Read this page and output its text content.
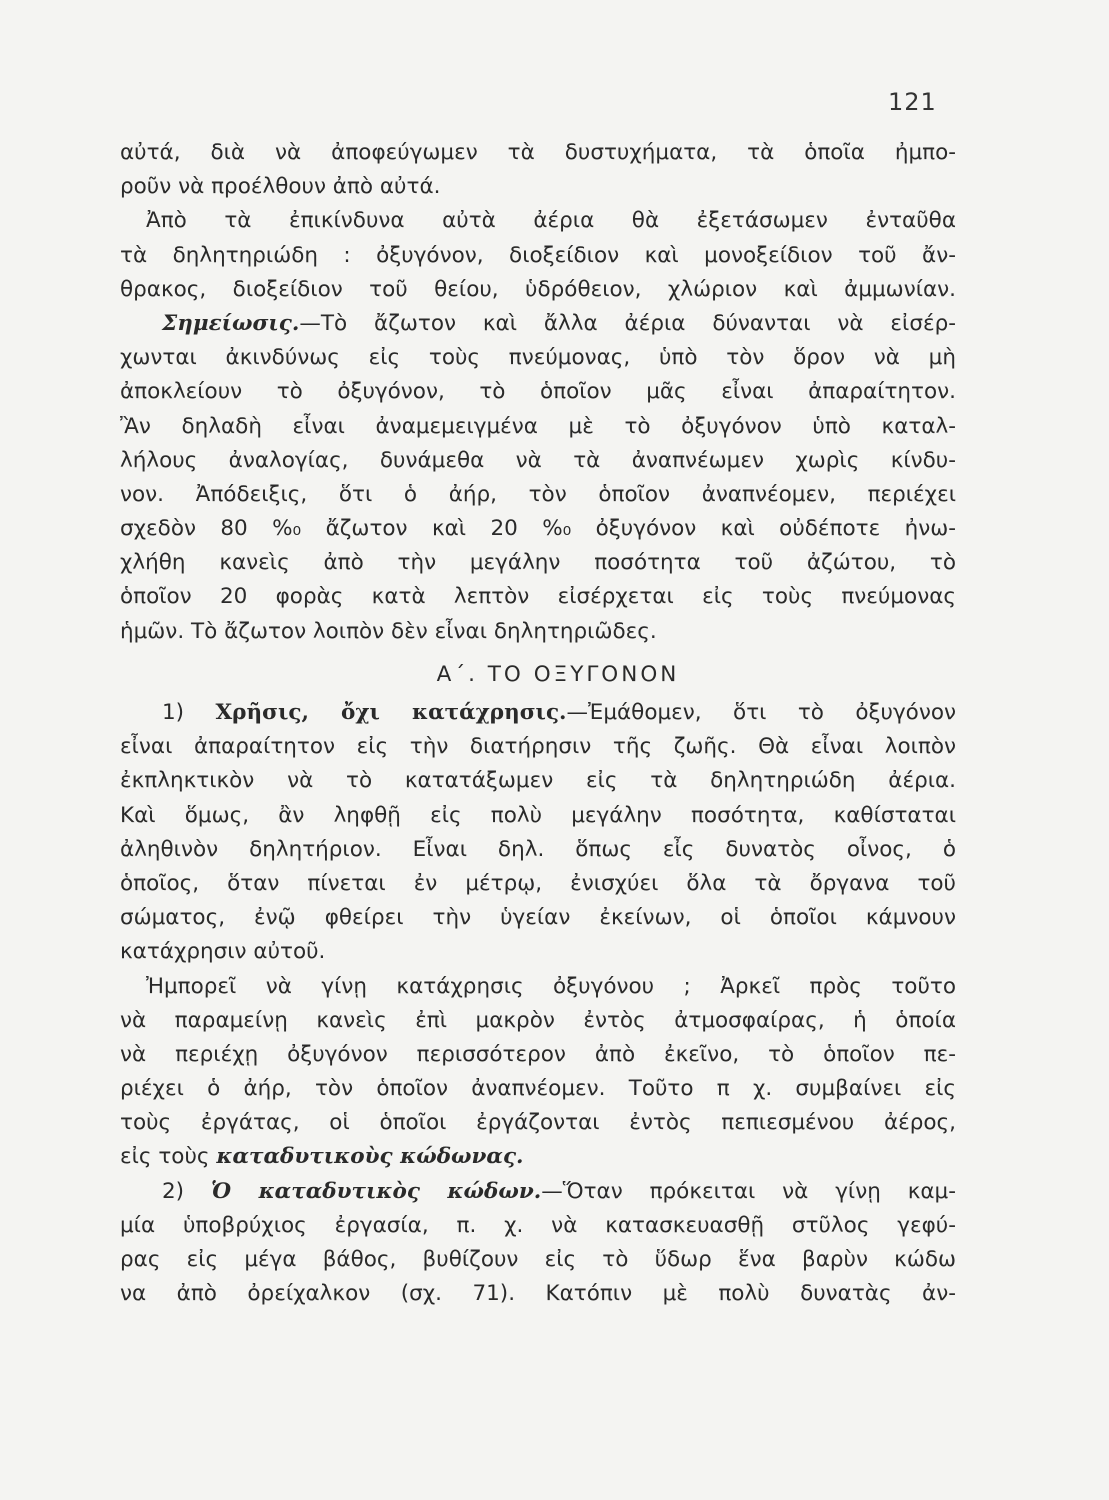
121
αὐτά, διὰ νὰ ἀποφεύγωμεν τὰ δυστυχήματα, τὰ ὁποῖα ἠμπο-
ροῦν νὰ προέλθουν ἀπὸ αὐτά.
Ἀπὸ τὰ ἐπικίνδυνα αὐτὰ ἀέρια θὰ ἐξετάσωμεν ἐνταῦθα
τὰ δηλητηριώδη : ὀξυγόνον, διοξείδιον καὶ μονοξείδιον τοῦ ἄν-
θρακος, διοξείδιον τοῦ θείου, ὑδρόθειον, χλώριον καὶ ἀμμωνίαν.
Σημείωσις.—Τὸ ἄζωτον καὶ ἄλλα ἀέρια δύνανται νὰ εἰσέρ-
χωνται ἀκινδύνως εἰς τοὺς πνεύμονας, ὑπὸ τὸν ὅρον νὰ μὴ
ἀποκλείουν τὸ ὀξυγόνον, τὸ ὁποῖον μᾶς εἶναι ἀπαραίτητον.
Ἂν δηλαδὴ εἶναι ἀναμεμειγμένα μὲ τὸ ὀξυγόνον ὑπὸ καταλ-
λήλους ἀναλογίας, δυνάμεθα νὰ τὰ ἀναπνέωμεν χωρὶς κίνδυ-
νον. Ἀπόδειξις, ὅτι ὁ ἀήρ, τὸν ὁποῖον ἀναπνέομεν, περιέχει
σχεδὸν 80 %₀ ἄζωτον καὶ 20 %₀ ὀξυγόνον καὶ οὐδέποτε ἠνω-
χλήθη κανεὶς ἀπὸ τὴν μεγάλην ποσότητα τοῦ ἀζώτου, τὸ
ὁποῖον 20 φορὰς κατὰ λεπτὸν εἰσέρχεται εἰς τοὺς πνεύμονας
ἡμῶν. Τὸ ἄζωτον λοιπὸν δὲν εἶναι δηλητηριῶδες.
Α΄. ΤΟ ΟΞΥΓΟΝΟΝ
1) Χρῆσις, ὄχι κατάχρησις.—Ἐμάθομεν, ὅτι τὸ ὀξυγόνον
εἶναι ἀπαραίτητον εἰς τὴν διατήρησιν τῆς ζωῆς. Θὰ εἶναι λοιπὸν
ἐκπληκτικὸν νὰ τὸ κατατάξωμεν εἰς τὰ δηλητηριώδη ἀέρια.
Καὶ ὅμως, ἂν ληφθῇ εἰς πολὺ μεγάλην ποσότητα, καθίσταται
ἀληθινὸν δηλητήριον. Εἶναι δηλ. ὅπως εἶς δυνατὸς οἶνος, ὁ
ὁποῖος, ὅταν πίνεται ἐν μέτρῳ, ἐνισχύει ὅλα τὰ ὄργανα τοῦ
σώματος, ἐνῷ φθείρει τὴν ὑγείαν ἐκείνων, οἱ ὁποῖοι κάμνουν
κατάχρησιν αὐτοῦ.
Ἠμπορεῖ νὰ γίνῃ κατάχρησις ὀξυγόνου ; Ἀρκεῖ πρὸς τοῦτο
νὰ παραμείνῃ κανεὶς ἐπὶ μακρὸν ἐντὸς ἀτμοσφαίρας, ἡ ὁποία
νὰ περιέχῃ ὀξυγόνον περισσότερον ἀπὸ ἐκεῖνο, τὸ ὁποῖον πε-
ριέχει ὁ ἀήρ, τὸν ὁποῖον ἀναπνέομεν. Τοῦτο π χ. συμβαίνει εἰς
τοὺς ἐργάτας, οἱ ὁποῖοι ἐργάζονται ἐντὸς πεπιεσμένου ἀέρος,
εἰς τοὺς καταδυτικοὺς κώδωνας.
2) Ὁ καταδυτικὸς κώδων.—Ὅταν πρόκειται νὰ γίνῃ καμ-
μία ὑποβρύχιος ἐργασία, π. χ. νὰ κατασκευασθῇ στῦλος γεφύ-
ρας εἰς μέγα βάθος, βυθίζουν εἰς τὸ ὕδωρ ἕνα βαρὺν κώδω
να ἀπὸ ὀρείχαλκον (σχ. 71). Κατόπιν μὲ πολὺ δυνατὰς ἀν-
